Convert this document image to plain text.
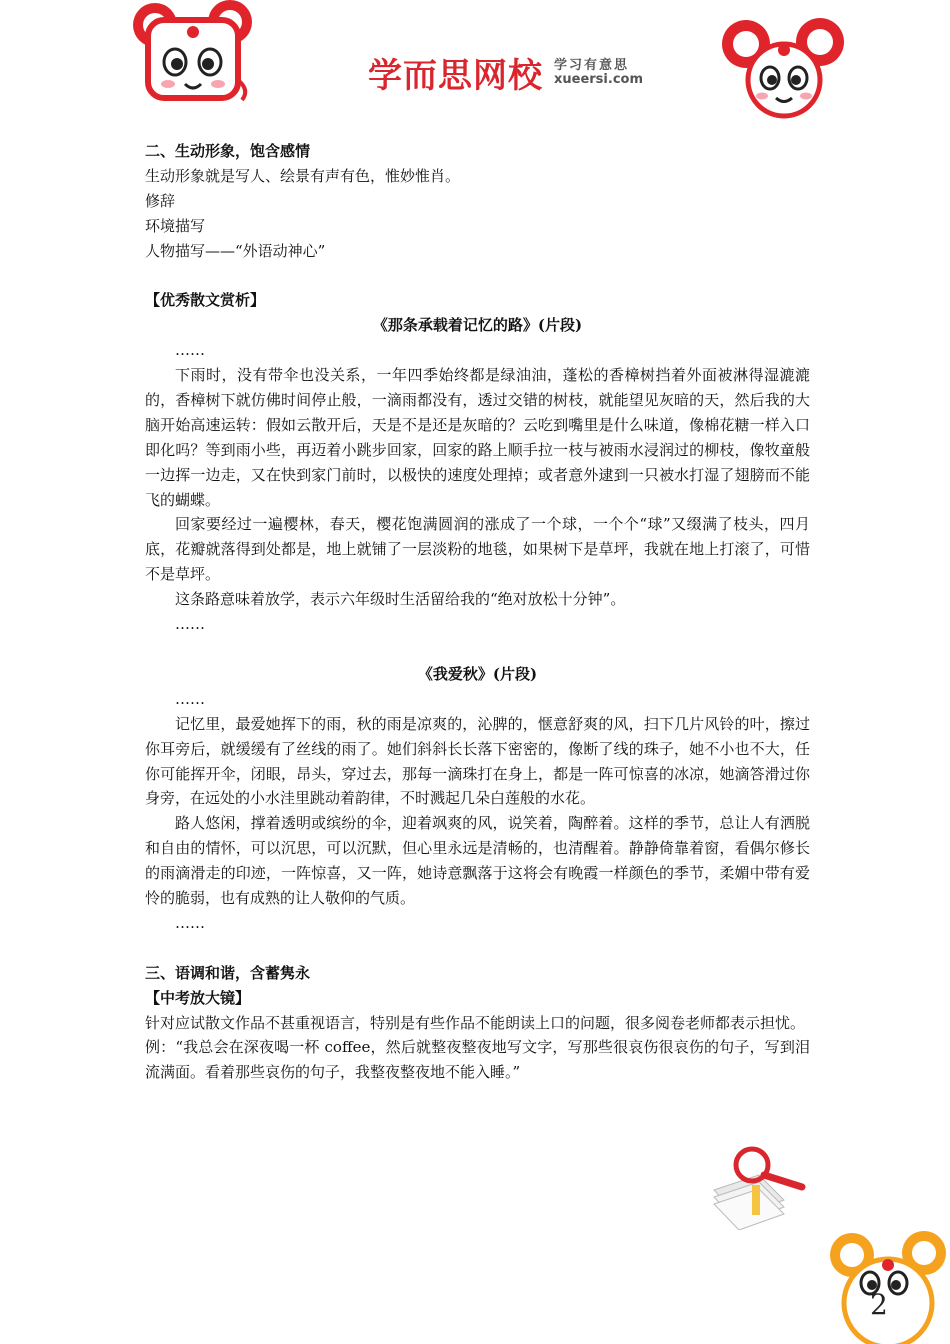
学而思网校 学习有意思
xueersi.com
二、生动形象，饱含感情
生动形象就是写人、绘景有声有色，惟妙惟肖。
修辞
环境描写
人物描写——“外语动神心”
【优秀散文赏析】
《那条承载着记忆的路》(片段)
……

下雨时，没有带伞也没关系，一年四季始终都是绿油油，蓬松的香樟树挡着外面被淋得湿漉漉的，香樟树下就仿佛时间停止般，一滴雨都没有，透过交错的树枝，就能望见灰暗的天，然后我的大脑开始高速运转：假如云散开后，天是不是还是灰暗的？云吃到嘴里是什么味道，像棉花糖一样入口即化吗？等到雨小些，再迈着小跳步回家，回家的路上顺手拉一枝与被雨水浸润过的柳枝，像牧童般一边挥一边走，又在快到家门前时，以极快的速度处理掉；或者意外逮到一只被水打湿了翅膀而不能飞的蝴蝶。

回家要经过一遍樱林，春天，樱花饱满圆润的涨成了一个球，一个个“球”又缀满了枝头，四月底，花瓣就落得到处都是，地上就铺了一层淡粉的地毯，如果树下是草坪，我就在地上打滚了，可惜不是草坪。

这条路意味着放学，表示六年级时生活留给我的“绝对放松十分钟”。

……
《我爱秋》(片段)
……

记忆里，最爱她挥下的雨，秋的雨是凉爽的，沁脾的，惬意舒爽的风，扫下几片风铃的叶，擦过你耳旁后，就缓缓有了丝线的雨了。她们斜斜长长落下密密的，像断了线的珠子，她不小也不大，任你可能挥开伞，闭眼，昂头，穿过去，那每一滴珠打在身上，都是一阵可惊喜的冰凉，她滴答滑过你身旁，在远处的小水洼里跳动着韵律，不时溅起几朵白莲般的水花。

路人悠闲，撑着透明或缤纷的伞，迎着飒爽的风，说笑着，陶醉着。这样的季节，总让人有洒脱和自由的情怀，可以沉思，可以沉默，但心里永远是清畅的，也清醒着。静静倚靠着窗，看偶尔修长的雨滴滑走的印迹，一阵惊喜，又一阵，她诗意飘落于这将会有晚霞一样颜色的季节，柔媚中带有爱怜的脆弱，也有成熟的让人敬仰的气质。

……
三、语调和谐，含蓄隽永
【中考放大镜】

针对应试散文作品不甚重视语言，特别是有些作品不能朗读上口的问题，很多阅卷老师都表示担忧。

例：“我总会在深夜喝一杯 coffee，然后就整夜整夜地写文字，写那些很哀伤很哀伤的句子，写到泪流满面。看着那些哀伤的句子，我整夜整夜地不能入睡。”

2
